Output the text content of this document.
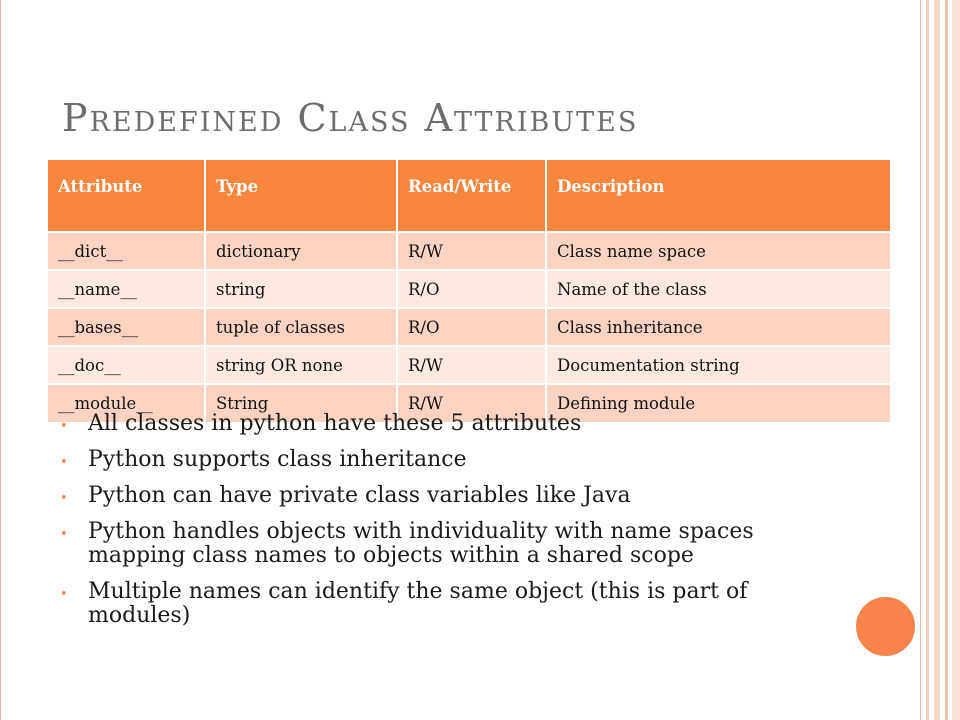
PREDEFINED CLASS ATTRIBUTES
Attribute	Type	Read/Write	Description
__dict__	dictionary	R/W	Class name space
__name__	string	R/O	Name of the class
__bases__	tuple of classes	R/O	Class inheritance
__doc__	string OR none	R/W	Documentation string
__module__	String	R/W	Defining module
• All classes in python have these 5 attributes
• Python supports class inheritance
• Python can have private class variables like Java
• Python handles objects with individuality with name spaces mapping class names to objects within a shared scope
• Multiple names can identify the same object (this is part of modules)
